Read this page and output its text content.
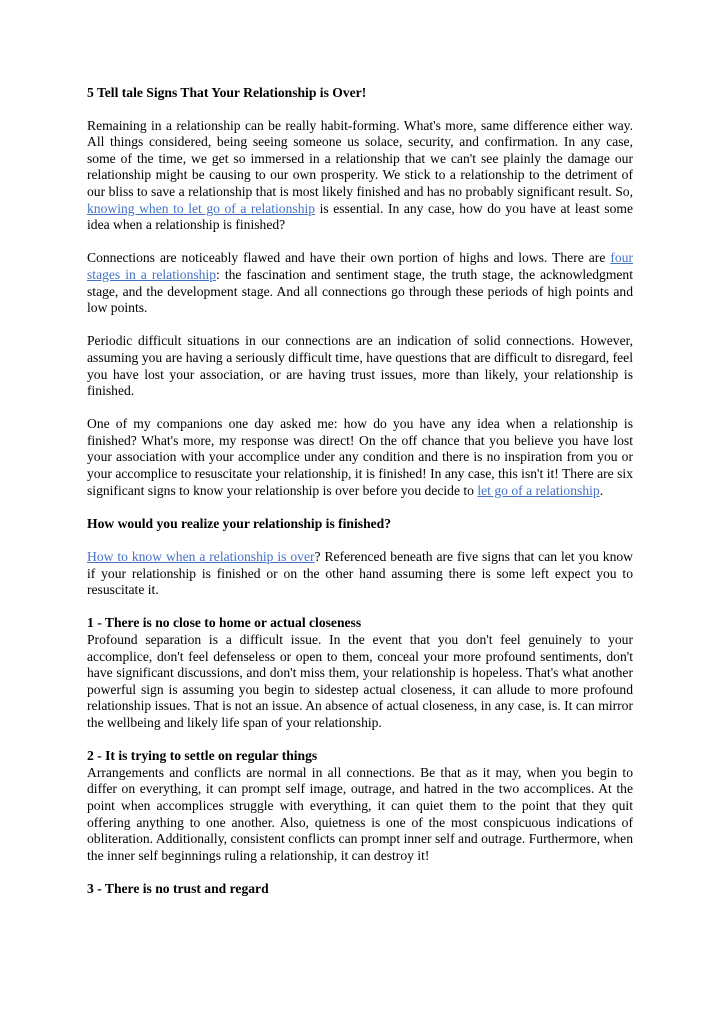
5 Tell tale Signs That Your Relationship is Over!

Remaining in a relationship can be really habit-forming. What's more, same difference either way. All things considered, being seeing someone us solace, security, and confirmation. In any case, some of the time, we get so immersed in a relationship that we can't see plainly the damage our relationship might be causing to our own prosperity. We stick to a relationship to the detriment of our bliss to save a relationship that is most likely finished and has no probably significant result. So, knowing when to let go of a relationship is essential. In any case, how do you have at least some idea when a relationship is finished?

Connections are noticeably flawed and have their own portion of highs and lows. There are four stages in a relationship: the fascination and sentiment stage, the truth stage, the acknowledgment stage, and the development stage. And all connections go through these periods of high points and low points.

Periodic difficult situations in our connections are an indication of solid connections. However, assuming you are having a seriously difficult time, have questions that are difficult to disregard, feel you have lost your association, or are having trust issues, more than likely, your relationship is finished.

One of my companions one day asked me: how do you have any idea when a relationship is finished? What's more, my response was direct! On the off chance that you believe you have lost your association with your accomplice under any condition and there is no inspiration from you or your accomplice to resuscitate your relationship, it is finished! In any case, this isn't it! There are six significant signs to know your relationship is over before you decide to let go of a relationship.

How would you realize your relationship is finished?

How to know when a relationship is over? Referenced beneath are five signs that can let you know if your relationship is finished or on the other hand assuming there is some left expect you to resuscitate it.

1 - There is no close to home or actual closeness

Profound separation is a difficult issue. In the event that you don't feel genuinely to your accomplice, don't feel defenseless or open to them, conceal your more profound sentiments, don't have significant discussions, and don't miss them, your relationship is hopeless. That's what another powerful sign is assuming you begin to sidestep actual closeness, it can allude to more profound relationship issues. That is not an issue. An absence of actual closeness, in any case, is. It can mirror the wellbeing and likely life span of your relationship.

2 - It is trying to settle on regular things

Arrangements and conflicts are normal in all connections. Be that as it may, when you begin to differ on everything, it can prompt self image, outrage, and hatred in the two accomplices. At the point when accomplices struggle with everything, it can quiet them to the point that they quit offering anything to one another. Also, quietness is one of the most conspicuous indications of obliteration. Additionally, consistent conflicts can prompt inner self and outrage. Furthermore, when the inner self beginnings ruling a relationship, it can destroy it!

3 - There is no trust and regard
